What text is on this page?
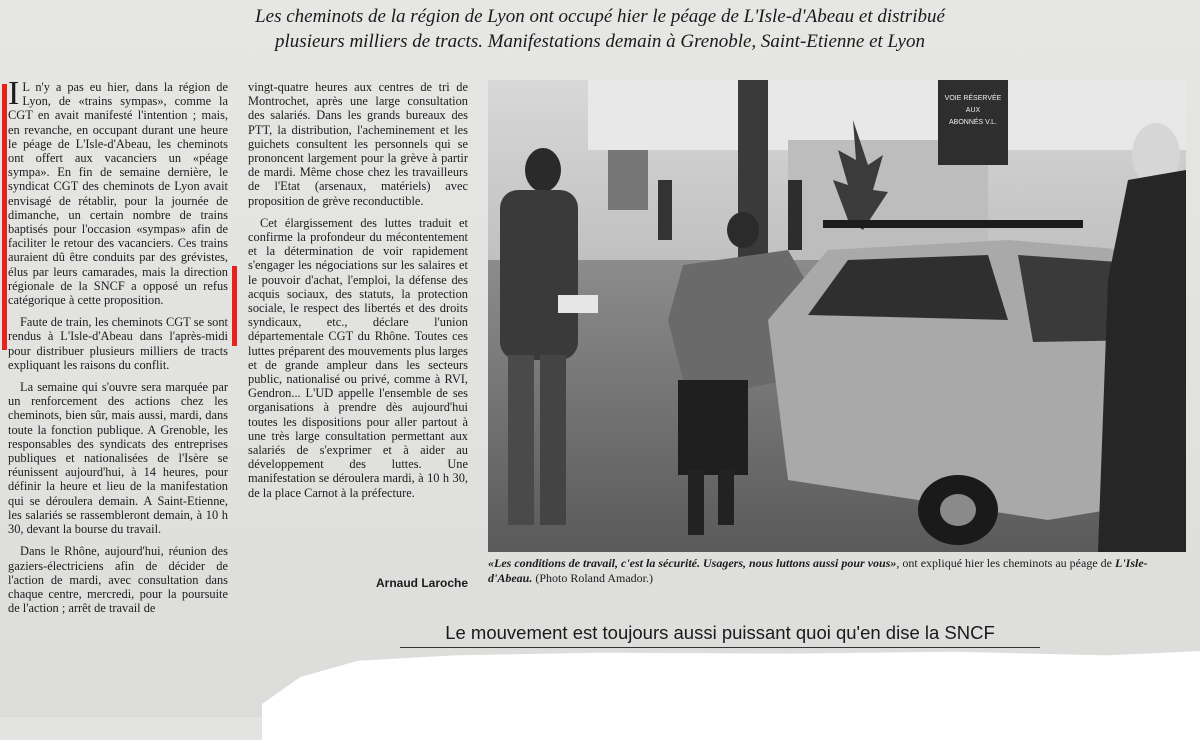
Les cheminots de la région de Lyon ont occupé hier le péage de L'Isle-d'Abeau et distribué
plusieurs milliers de tracts. Manifestations demain à Grenoble, Saint-Etienne et Lyon

I L n'y a pas eu hier, dans la région de Lyon, de «trains sympas», comme la CGT en avait manifesté l'intention ; mais, en revanche, en occupant durant une heure le péage de L'Isle-d'Abeau, les cheminots ont offert aux vacanciers un «péage sympa». En fin de semaine dernière, le syndicat CGT des cheminots de Lyon avait envisagé de rétablir, pour la journée de dimanche, un certain nombre de trains baptisés pour l'occasion «sympas» afin de faciliter le retour des vacanciers. Ces trains auraient dû être conduits par des grévistes, élus par leurs camarades, mais la direction régionale de la SNCF a opposé un refus catégorique à cette proposition.

Faute de train, les cheminots CGT se sont rendus à L'Isle-d'Abeau dans l'après-midi pour distribuer plusieurs milliers de tracts expliquant les raisons du conflit.

La semaine qui s'ouvre sera marquée par un renforcement des actions chez les cheminots, bien sûr, mais aussi, mardi, dans toute la fonction publique. A Grenoble, les responsables des syndicats des entreprises publiques et nationalisées de l'Isère se réunissent aujourd'hui, à 14 heures, pour définir la heure et lieu de la manifestation qui se déroulera demain. A Saint-Etienne, les salariés se rassembleront demain, à 10 h 30, devant la bourse du travail.

Dans le Rhône, aujourd'hui, réunion des gaziers-électriciens afin de décider de l'action de mardi, avec consultation dans chaque centre, mercredi, pour la poursuite de l'action ; arrêt de travail de

vingt-quatre heures aux centres de tri de Montrochet, après une large consultation des salariés. Dans les grands bureaux des PTT, la distribution, l'acheminement et les guichets consultent les personnels qui se prononcent largement pour la grève à partir de mardi. Même chose chez les travailleurs de l'Etat (arsenaux, matériels) avec proposition de grève reconductible.

Cet élargissement des luttes traduit et confirme la profondeur du mécontentement et la détermination de voir rapidement s'engager les négociations sur les salaires et le pouvoir d'achat, l'emploi, la défense des acquis sociaux, des statuts, la protection sociale, le respect des libertés et des droits syndicaux, etc., déclare l'union départementale CGT du Rhône. Toutes ces luttes préparent des mouvements plus larges et de grande ampleur dans les secteurs public, nationalisé ou privé, comme à RVI, Gendron... L'UD appelle l'ensemble de ses organisations à prendre dès aujourd'hui toutes les dispositions pour aller partout à une très large consultation permettant aux salariés de s'exprimer et à aider au développement des luttes. Une manifestation se déroulera mardi, à 10 h 30, de la place Carnot à la préfecture.

Arnaud Laroche
VOIE RÉSERVÉE
AUX
ABONNÉS V.L.
«Les conditions de travail, c'est la sécurité. Usagers, nous luttons aussi pour vous», ont expliqué hier les cheminots au péage de L'Isle-d'Abeau. (Photo Roland Amador.)
Le mouvement est toujours aussi puissant quoi qu'en dise la SNCF
